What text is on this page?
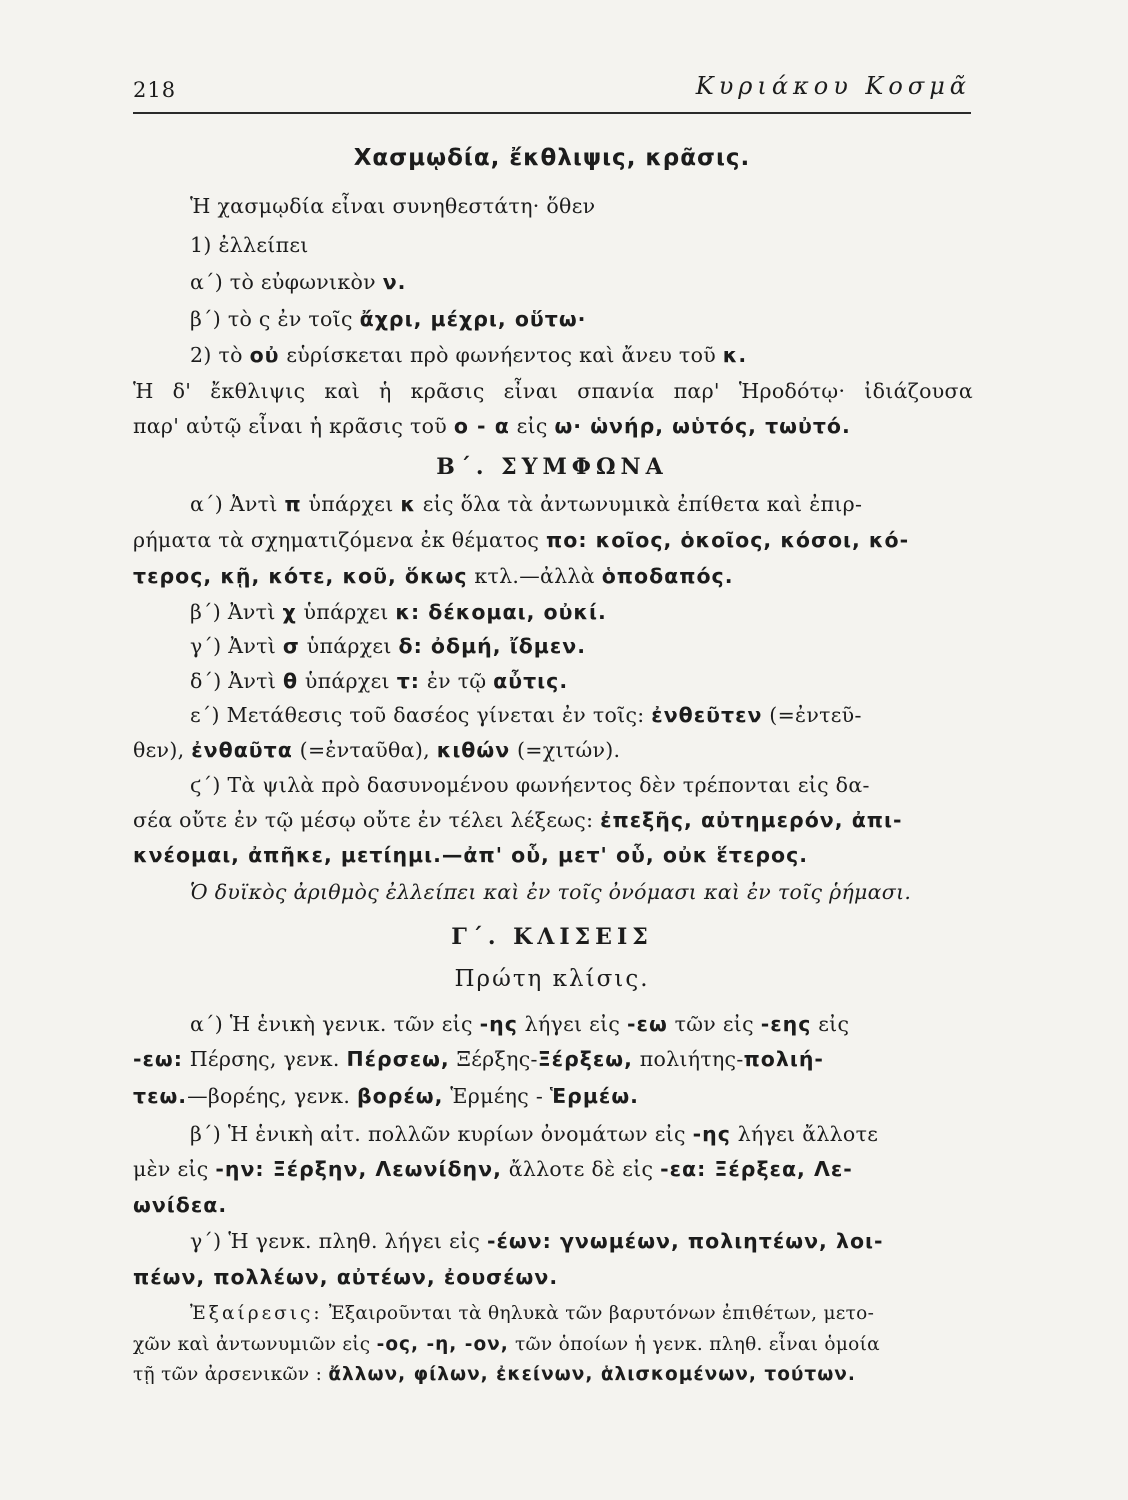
218	Κυριάκου Κοσμᾶ
Χασμῳδία, ἔκθλιψις, κρᾶσις.
Ἡ χασμῳδία εἶναι συνηθεστάτη· ὅθεν
1) ἐλλείπει
α΄) τὸ εὐφωνικὸν ν.
β΄) τὸ ς ἐν τοῖς ἄχρι, μέχρι, οὕτω·
2) τὸ οὐ εὑρίσκεται πρὸ φωνήεντος καὶ ἄνευ τοῦ κ.
Ἡ δ' ἔκθλιψις καὶ ἡ κρᾶσις εἶναι σπανία παρ' Ἡροδότῳ· ἰδιάζουσα
παρ' αὐτῷ εἶναι ἡ κρᾶσις τοῦ ο - α εἰς ω· ὡνήρ, ωὑτός, τωὐτό.
Β΄. ΣΥΜΦΩΝΑ
α΄) Ἀντὶ π ὑπάρχει κ εἰς ὅλα τὰ ἀντωνυμικὰ ἐπίθετα καὶ ἐπιρ-
ρήματα τὰ σχηματιζόμενα ἐκ θέματος πο: κοῖος, ὁκοῖος, κόσοι, κό-
τερος, κῇ, κότε, κοῦ, ὅκως κτλ.—ἀλλὰ ὁποδαπός.
β΄) Ἀντὶ χ ὑπάρχει κ: δέκομαι, οὐκί.
γ΄) Ἀντὶ σ ὑπάρχει δ: ὀδμή, ἴδμεν.
δ΄) Ἀντὶ θ ὑπάρχει τ: ἐν τῷ αὖτις.
ε΄) Μετάθεσις τοῦ δασέος γίνεται ἐν τοῖς: ἐνθεῦτεν (=ἐντεῦ-
θεν), ἐνθαῦτα (=ἐνταῦθα), κιθών (=χιτών).
ϛ΄) Τὰ ψιλὰ πρὸ δασυνομένου φωνήεντος δὲν τρέπονται εἰς δα-
σέα οὔτε ἐν τῷ μέσῳ οὔτε ἐν τέλει λέξεως: ἐπεξῆς, αὐτημερόν, ἀπι-
κνέομαι, ἀπῆκε, μετίημι.—ἀπ' οὗ, μετ' οὗ, οὐκ ἕτερος.
Ὁ δυϊκὸς ἀριθμὸς ἐλλείπει καὶ ἐν τοῖς ὀνόμασι καὶ ἐν τοῖς ῥήμασι.
Γ΄. ΚΛΙΣΕΙΣ
Πρώτη κλίσις.
α΄) Ἡ ἑνικὴ γενικ. τῶν εἰς -ης λήγει εἰς -εω τῶν εἰς -εης εἰς
-εω: Πέρσης, γενκ. Πέρσεω, Ξέρξης-Ξέρξεω, πολιήτης-πολιή-
τεω.—βορέης, γενκ. βορέω, Ἑρμέης - Ἑρμέω.
β΄) Ἡ ἑνικὴ αἰτ. πολλῶν κυρίων ὀνομάτων εἰς -ης λήγει ἄλλοτε
μὲν εἰς -ην: Ξέρξην, Λεωνίδην, ἄλλοτε δὲ εἰς -εα: Ξέρξεα, Λε-
ωνίδεα.
γ΄) Ἡ γενκ. πληθ. λήγει εἰς -έων: γνωμέων, πολιητέων, λοι-
πέων, πολλέων, αὐτέων, ἐουσέων.
Ἐξαίρεσις: Ἐξαιροῦνται τὰ θηλυκὰ τῶν βαρυτόνων ἐπιθέτων, μετο-
χῶν καὶ ἀντωνυμιῶν εἰς -ος, -η, -ον, τῶν ὁποίων ἡ γενκ. πληθ. εἶναι ὁμοία
τῇ τῶν ἀρσενικῶν : ἄλλων, φίλων, ἐκείνων, ἁλισκομένων, τούτων.
